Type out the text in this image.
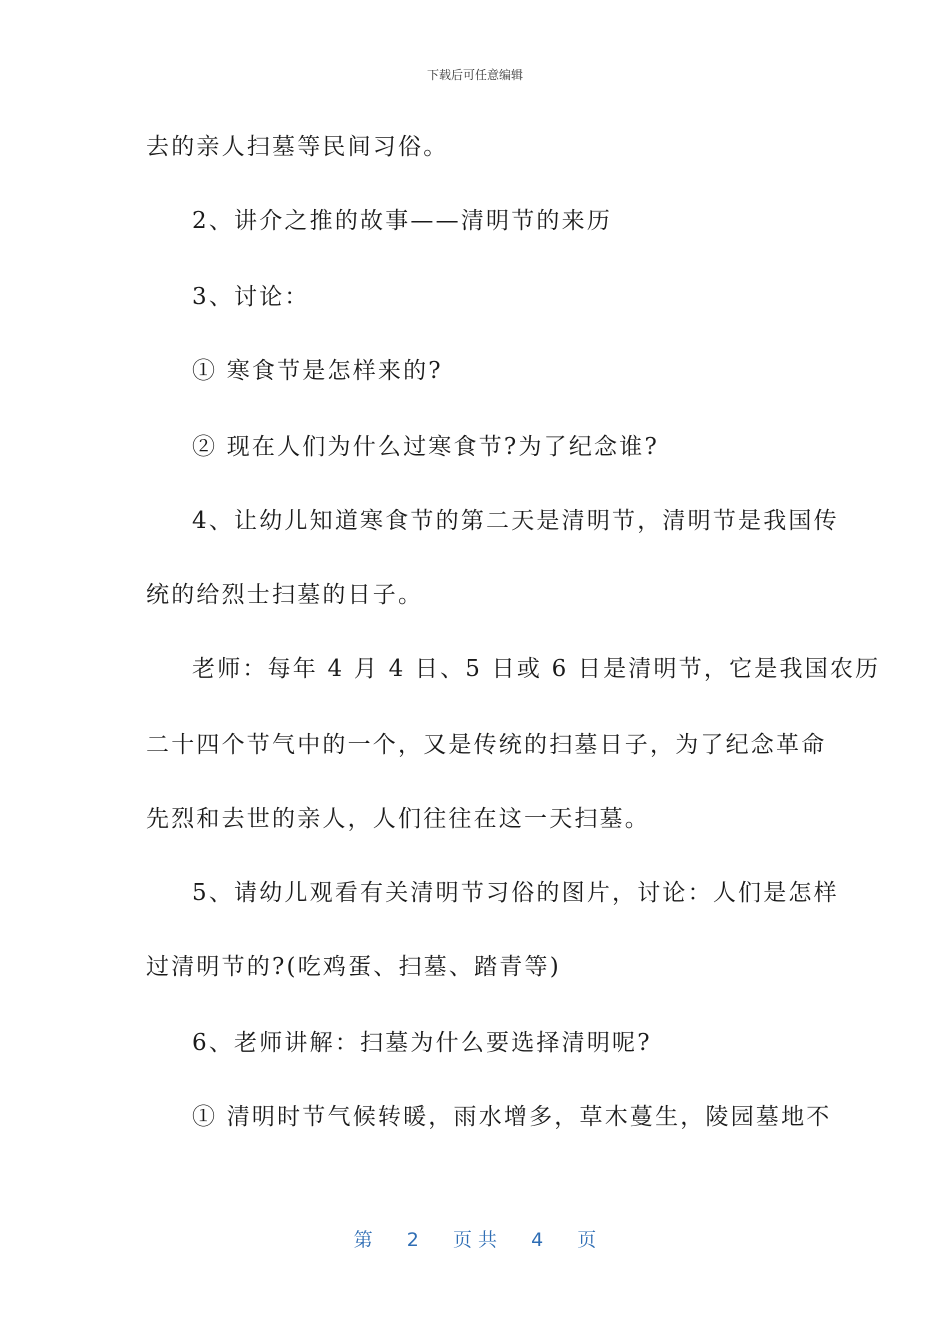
下载后可任意编辑
去的亲人扫墓等民间习俗。
2、讲介之推的故事——清明节的来历
3、讨论：
① 寒食节是怎样来的?
② 现在人们为什么过寒食节?为了纪念谁?
4、让幼儿知道寒食节的第二天是清明节，清明节是我国传
统的给烈士扫墓的日子。
老师：每年 4 月 4 日、5 日或 6 日是清明节，它是我国农历
二十四个节气中的一个，又是传统的扫墓日子，为了纪念革命
先烈和去世的亲人，人们往往在这一天扫墓。
5、请幼儿观看有关清明节习俗的图片，讨论：人们是怎样
过清明节的?(吃鸡蛋、扫墓、踏青等)
6、老师讲解：扫墓为什么要选择清明呢?
① 清明时节气候转暖，雨水增多，草木蔓生，陵园墓地不
第 2 页 共 4 页
